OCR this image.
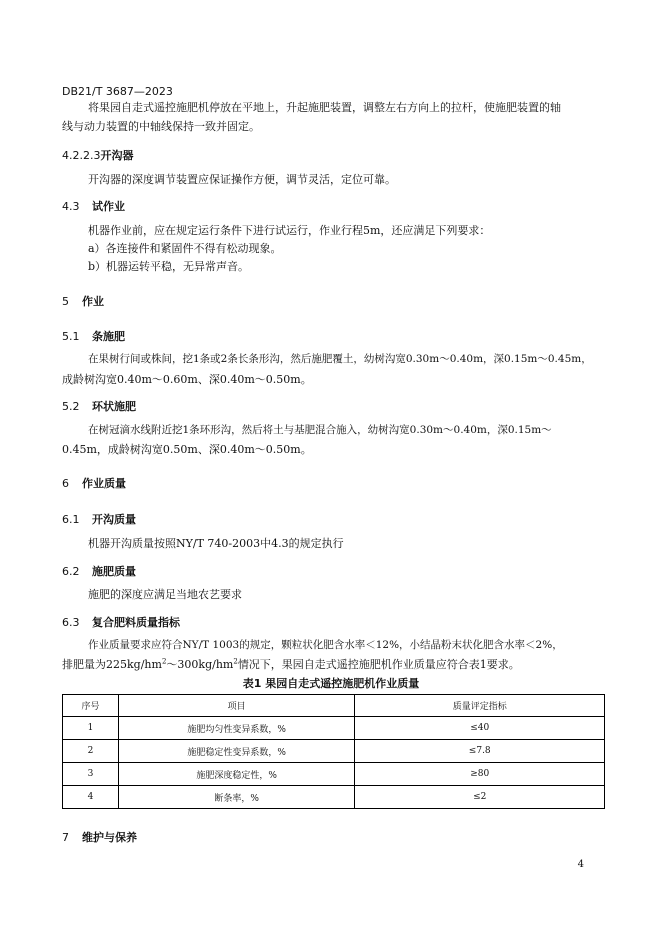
DB21/T 3687—2023
将果园自走式遥控施肥机停放在平地上，升起施肥装置，调整左右方向上的拉杆，使施肥装置的轴
线与动力装置的中轴线保持一致并固定。
4.2.2.3开沟器
开沟器的深度调节装置应保证操作方便，调节灵活，定位可靠。
4.3 试作业
机器作业前，应在规定运行条件下进行试运行，作业行程5m，还应满足下列要求：
a）各连接件和紧固件不得有松动现象。
b）机器运转平稳，无异常声音。
5 作业
5.1 条施肥
在果树行间或株间，挖1条或2条长条形沟，然后施肥覆土，幼树沟宽0.30m～0.40m，深0.15m～0.45m，
成龄树沟宽0.40m～0.60m、深0.40m～0.50m。
5.2 环状施肥
在树冠滴水线附近挖1条环形沟，然后将土与基肥混合施入，幼树沟宽0.30m～0.40m，深0.15m～
0.45m，成龄树沟宽0.50m、深0.40m～0.50m。
6 作业质量
6.1 开沟质量
机器开沟质量按照NY/T 740-2003中4.3的规定执行
6.2 施肥质量
施肥的深度应满足当地农艺要求
6.3 复合肥料质量指标
作业质量要求应符合NY/T 1003的规定，颗粒状化肥含水率＜12%，小结晶粉末状化肥含水率＜2%，
排肥量为$225kg/hm^2\sim 300kg/hm^2$情况下，果园自走式遥控施肥机作业质量应符合表1要求。
表1 果园自走式遥控施肥机作业质量
序号	项目	质量评定指标
1	施肥均匀性变异系数，%	≤40
2	施肥稳定性变异系数，%	≤7.8
3	施肥深度稳定性，%	≥80
4	断条率，%	≤2
7 维护与保养
4
